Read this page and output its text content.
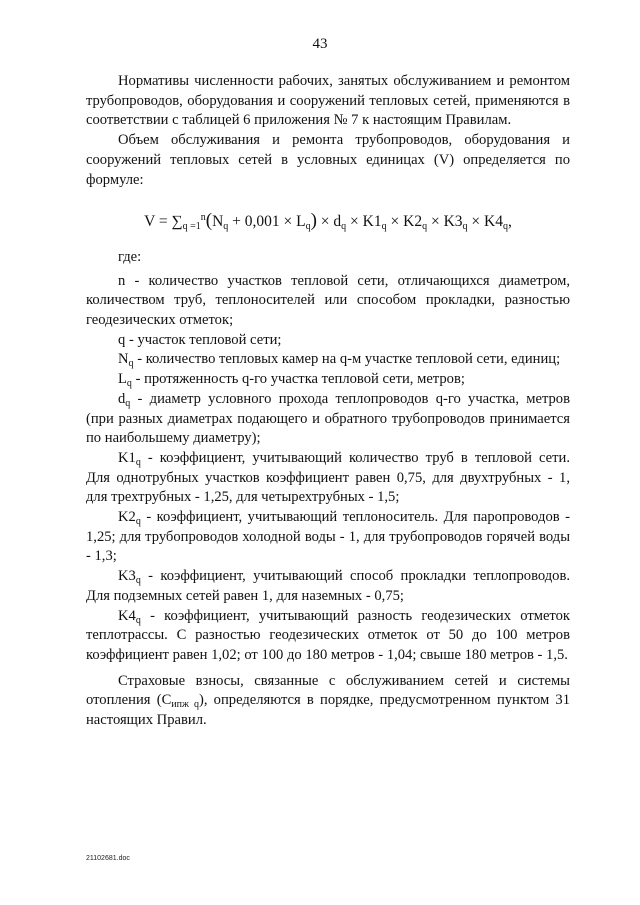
43

Нормативы численности рабочих, занятых обслуживанием и ремонтом трубопроводов, оборудования и сооружений тепловых сетей, применяются в соответствии с таблицей 6 приложения № 7 к настоящим Правилам.

Объем обслуживания и ремонта трубопроводов, оборудования и сооружений тепловых сетей в условных единицах (V) определяется по формуле:

$V = \sum_{q =1}^n(N_q + 0,001 \times L_q) \times d_q \times K1_q \times K2_q \times K3_q \times K4_q$,

где:

n - количество участков тепловой сети, отличающихся диаметром, количеством труб, теплоносителей или способом прокладки, разностью геодезических отметок;

q - участок тепловой сети;

$N_q$ - количество тепловых камер на q-м участке тепловой сети, единиц;

$L_q$ - протяженность q-го участка тепловой сети, метров;

$d_q$ - диаметр условного прохода теплопроводов q-го участка, метров (при разных диаметрах подающего и обратного трубопроводов принимается по наибольшему диаметру);

$K1_q$ - коэффициент, учитывающий количество труб в тепловой сети. Для однотрубных участков коэффициент равен 0,75, для двухтрубных - 1, для трехтрубных - 1,25, для четырехтрубных - 1,5;

$K2_q$ - коэффициент, учитывающий теплоноситель. Для паропроводов - 1,25; для трубопроводов холодной воды - 1, для трубопроводов горячей воды - 1,3;

$K3_q$ - коэффициент, учитывающий способ прокладки теплопроводов. Для подземных сетей равен 1, для наземных - 0,75;

$K4_q$ - коэффициент, учитывающий разность геодезических отметок теплотрассы. С разностью геодезических отметок от 50 до 100 метров коэффициент равен 1,02; от 100 до 180 метров - 1,04; свыше 180 метров - 1,5.

Страховые взносы, связанные с обслуживанием сетей и системы отопления $(С_{ипж q})$, определяются в порядке, предусмотренном пунктом 31 настоящих Правил.

21102681.doc
